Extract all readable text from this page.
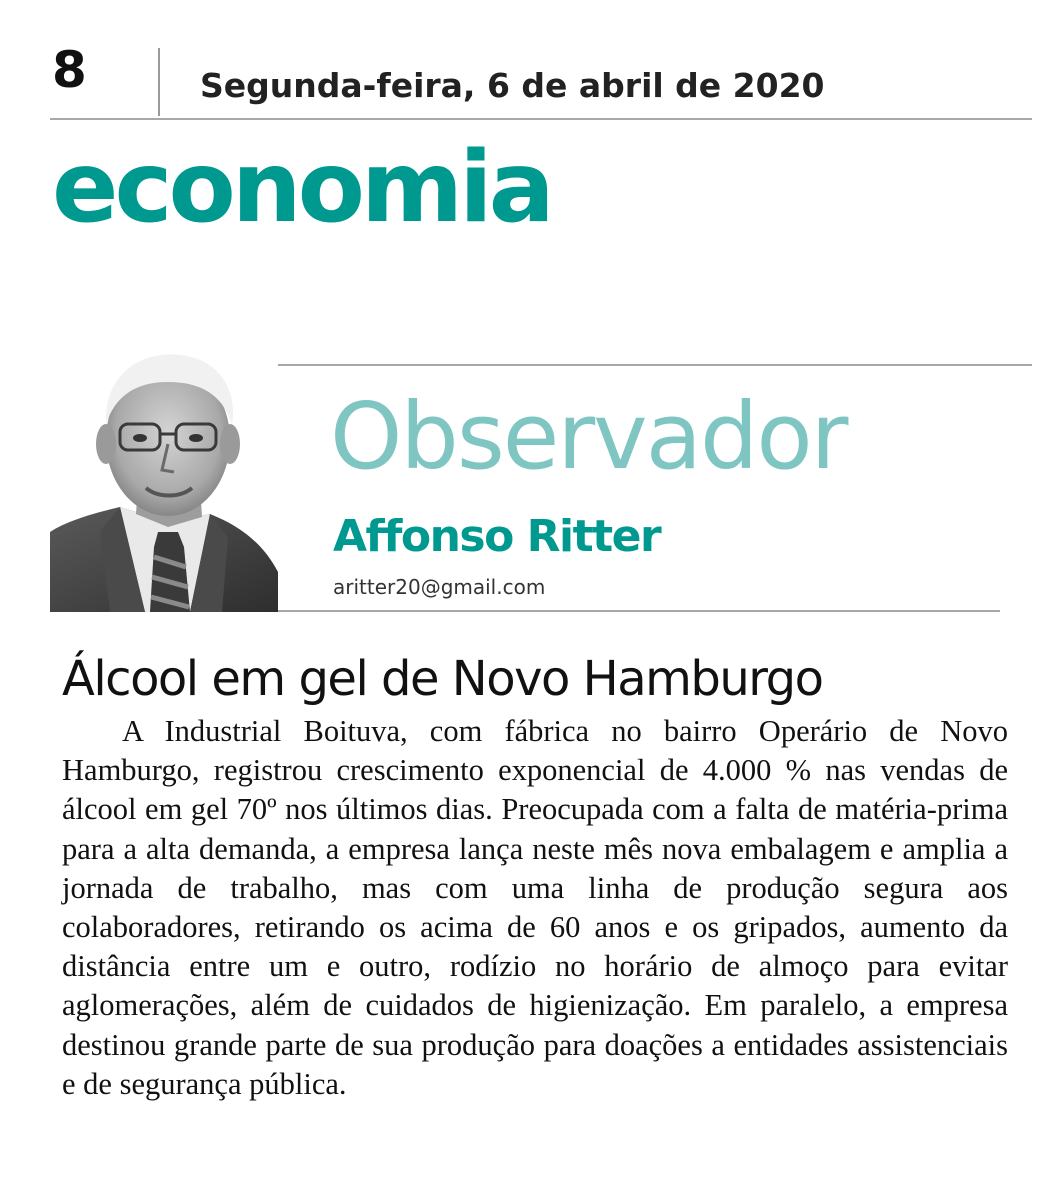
8	Segunda-feira, 6 de abril de 2020
economia
Observador
Affonso Ritter
aritter20@gmail.com
Álcool em gel de Novo Hamburgo

A Industrial Boituva, com fábrica no bairro Operário de Novo Hamburgo, registrou crescimento exponencial de 4.000 % nas vendas de álcool em gel 70º nos últimos dias. Preocupada com a falta de matéria-prima para a alta demanda, a empresa lança neste mês nova embalagem e amplia a jornada de trabalho, mas com uma linha de produção segura aos colaboradores, retirando os acima de 60 anos e os gripados, aumento da distância entre um e outro, rodízio no horário de almoço para evitar aglomerações, além de cuidados de higienização. Em paralelo, a empresa destinou grande parte de sua produção para doações a entidades assistenciais e de segurança pública.
